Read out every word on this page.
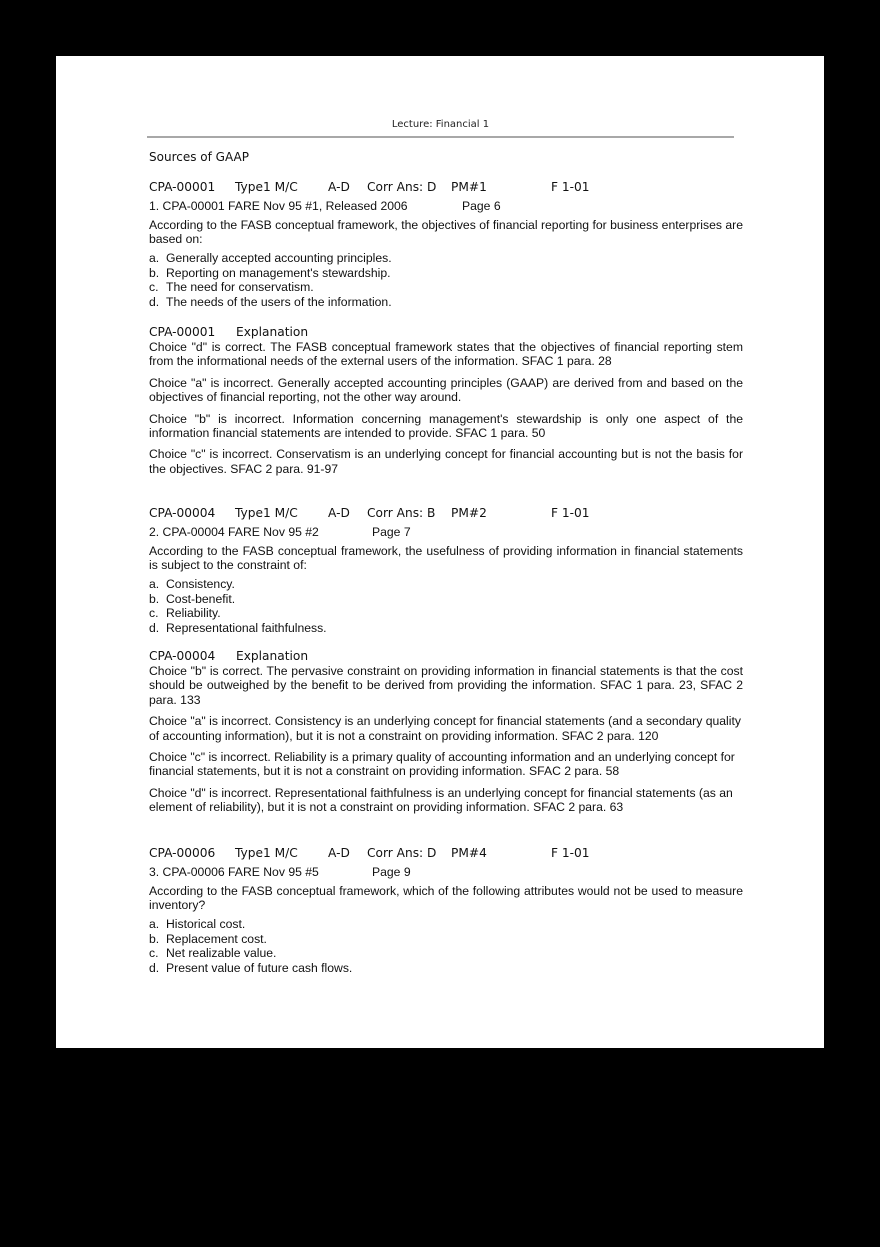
Lecture: Financial 1
Sources of GAAP

CPA-00001

Type1 M/C

A-D

Corr Ans: D

PM#1

	F 1-01

1. CPA-00001 FARE Nov 95 #1, Released 2006	Page 6
According to the FASB conceptual framework, the objectives of financial reporting for business enterprises are based on:
a. Generally accepted accounting principles.
b. Reporting on management's stewardship.
c. The need for conservatism.
d. The needs of the users of the information.

CPA-00001

Explanation

Choice "d" is correct. The FASB conceptual framework states that the objectives of financial reporting stem from the informational needs of the external users of the information. SFAC 1 para. 28

Choice "a" is incorrect. Generally accepted accounting principles (GAAP) are derived from and based on the objectives of financial reporting, not the other way around.

Choice "b" is incorrect. Information concerning management's stewardship is only one aspect of the information financial statements are intended to provide. SFAC 1 para. 50

Choice "c" is incorrect. Conservatism is an underlying concept for financial accounting but is not the basis for the objectives. SFAC 2 para. 91-97

CPA-00004

Type1 M/C

A-D

Corr Ans: B

PM#2

	F 1-01

2. CPA-00004 FARE Nov 95 #2	Page 7
According to the FASB conceptual framework, the usefulness of providing information in financial statements is subject to the constraint of:
a. Consistency.
b. Cost-benefit.
c. Reliability.
d. Representational faithfulness.

CPA-00004

Explanation

Choice "b" is correct. The pervasive constraint on providing information in financial statements is that the cost should be outweighed by the benefit to be derived from providing the information. SFAC 1 para. 23, SFAC 2 para. 133

Choice "a" is incorrect. Consistency is an underlying concept for financial statements (and a secondary quality of accounting information), but it is not a constraint on providing information. SFAC 2 para. 120

Choice "c" is incorrect. Reliability is a primary quality of accounting information and an underlying concept for financial statements, but it is not a constraint on providing information. SFAC 2 para. 58

Choice "d" is incorrect. Representational faithfulness is an underlying concept for financial statements (as an element of reliability), but it is not a constraint on providing information. SFAC 2 para. 63

CPA-00006

Type1 M/C

A-D

Corr Ans: D

PM#4

	F 1-01

3. CPA-00006 FARE Nov 95 #5	Page 9
According to the FASB conceptual framework, which of the following attributes would not be used to measure inventory?
a. Historical cost.
b. Replacement cost.
c. Net realizable value.
d. Present value of future cash flows.
